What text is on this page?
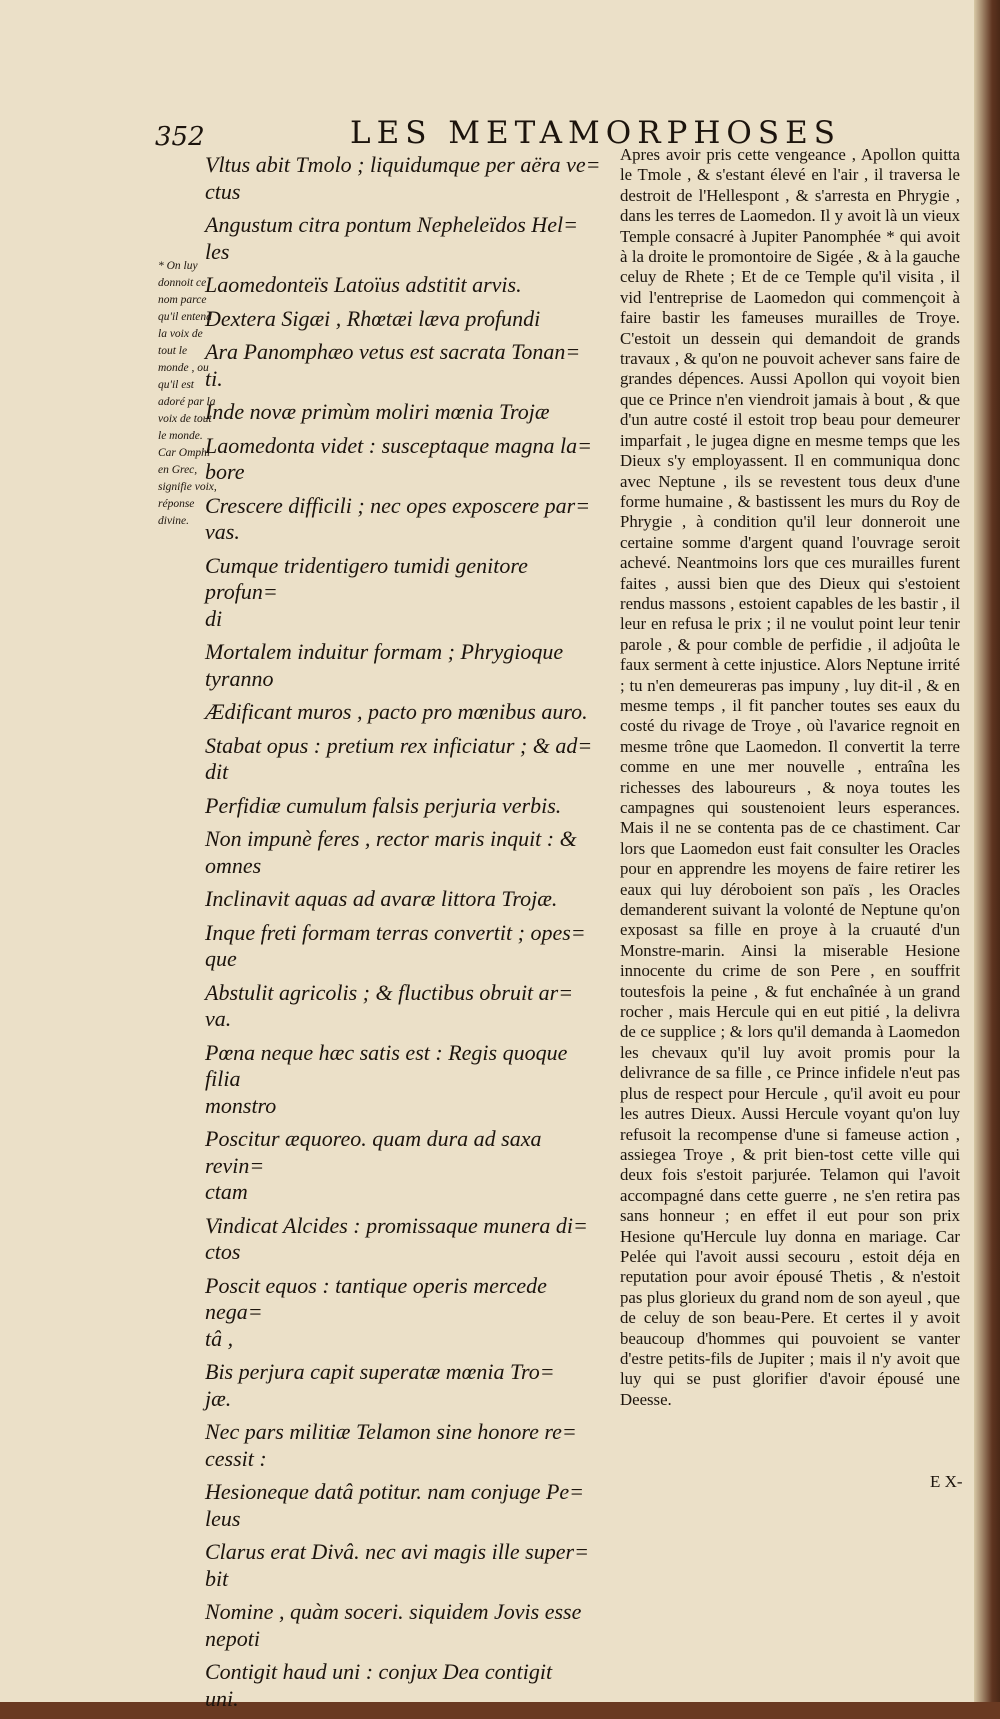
352	LES METAMORPHOSES
Vltus abit Tmolo ; liquidumque per aëra ve=
ctus
Angustum citra pontum Nepheleïdos Hel=
les
Laomedonteïs Latoïus adstitit arvis.
Dextera Sigæi , Rhœtæi læva profundi
Ara Panomphæo vetus est sacrata Tonan=
ti.
Inde novæ primùm moliri mœnia Trojæ
Laomedonta videt : susceptaque magna la=
bore
Crescere difficili ; nec opes exposcere par=
vas.
Cumque tridentigero tumidi genitore profun=
di
Mortalem induitur formam ; Phrygioque
tyranno
Ædificant muros , pacto pro mœnibus auro.
Stabat opus : pretium rex inficiatur ; & ad=
dit
Perfidiæ cumulum falsis perjuria verbis.
Non impunè feres , rector maris inquit : &
omnes
Inclinavit aquas ad avaræ littora Trojæ.
Inque freti formam terras convertit ; opes=
que
Abstulit agricolis ; & fluctibus obruit ar=
va.
Pœna neque hæc satis est : Regis quoque filia
monstro
Poscitur æquoreo. quam dura ad saxa revin=
ctam
Vindicat Alcides : promissaque munera di=
ctos
Poscit equos : tantique operis mercede nega=
tâ ,
Bis perjura capit superatæ mœnia Tro=
jæ.
Nec pars militiæ Telamon sine honore re=
cessit :
Hesioneque datâ potitur. nam conjuge Pe=
leus
Clarus erat Divâ. nec avi magis ille super=
bit
Nomine , quàm soceri. siquidem Jovis esse
nepoti
Contigit haud uni : conjux Dea contigit
uni.

* On luy donnoit ce nom parce qu'il entend la voix de tout le monde , ou qu'il est adoré par la voix de tout le monde. Car Omphi en Grec, signifie voix, réponse divine.

Apres avoir pris cette vengeance , Apollon quitta le Tmole , & s'estant élevé en l'air , il traversa le destroit de l'Hellespont , & s'arresta en Phrygie , dans les terres de Laomedon. Il y avoit là un vieux Temple consacré à Jupiter Panomphée * qui avoit à la droite le promontoire de Sigée , & à la gauche celuy de Rhete ; Et de ce Temple qu'il visita , il vid l'entreprise de Laomedon qui commençoit à faire bastir les fameuses murailles de Troye. C'estoit un dessein qui demandoit de grands travaux , & qu'on ne pouvoit achever sans faire de grandes dépences. Aussi Apollon qui voyoit bien que ce Prince n'en viendroit jamais à bout , & que d'un autre costé il estoit trop beau pour demeurer imparfait , le jugea digne en mesme temps que les Dieux s'y employassent. Il en communiqua donc avec Neptune , ils se revestent tous deux d'une forme humaine , & bastissent les murs du Roy de Phrygie , à condition qu'il leur donneroit une certaine somme d'argent quand l'ouvrage seroit achevé. Neantmoins lors que ces murailles furent faites , aussi bien que des Dieux qui s'estoient rendus massons , estoient capables de les bastir , il leur en refusa le prix ; il ne voulut point leur tenir parole , & pour comble de perfidie , il adjoûta le faux serment à cette injustice. Alors Neptune irrité ; tu n'en demeureras pas impuny , luy dit-il , & en mesme temps , il fit pancher toutes ses eaux du costé du rivage de Troye , où l'avarice regnoit en mesme trône que Laomedon. Il convertit la terre comme en une mer nouvelle , entraîna les richesses des laboureurs , & noya toutes les campagnes qui soustenoient leurs esperances. Mais il ne se contenta pas de ce chastiment. Car lors que Laomedon eust fait consulter les Oracles pour en apprendre les moyens de faire retirer les eaux qui luy déroboient son païs , les Oracles demanderent suivant la volonté de Neptune qu'on exposast sa fille en proye à la cruauté d'un Monstre-marin. Ainsi la miserable Hesione innocente du crime de son Pere , en souffrit toutesfois la peine , & fut enchaînée à un grand rocher , mais Hercule qui en eut pitié , la delivra de ce supplice ; & lors qu'il demanda à Laomedon les chevaux qu'il luy avoit promis pour la delivrance de sa fille , ce Prince infidele n'eut pas plus de respect pour Hercule , qu'il avoit eu pour les autres Dieux. Aussi Hercule voyant qu'on luy refusoit la recompense d'une si fameuse action , assiegea Troye , & prit bien-tost cette ville qui deux fois s'estoit parjurée. Telamon qui l'avoit accompagné dans cette guerre , ne s'en retira pas sans honneur ; en effet il eut pour son prix Hesione qu'Hercule luy donna en mariage. Car Pelée qui l'avoit aussi secouru , estoit déja en reputation pour avoir épousé Thetis , & n'estoit pas plus glorieux du grand nom de son ayeul , que de celuy de son beau-Pere. Et certes il y avoit beaucoup d'hommes qui pouvoient se vanter d'estre petits-fils de Jupiter ; mais il n'y avoit que luy qui se pust glorifier d'avoir épousé une Deesse.

E X-
